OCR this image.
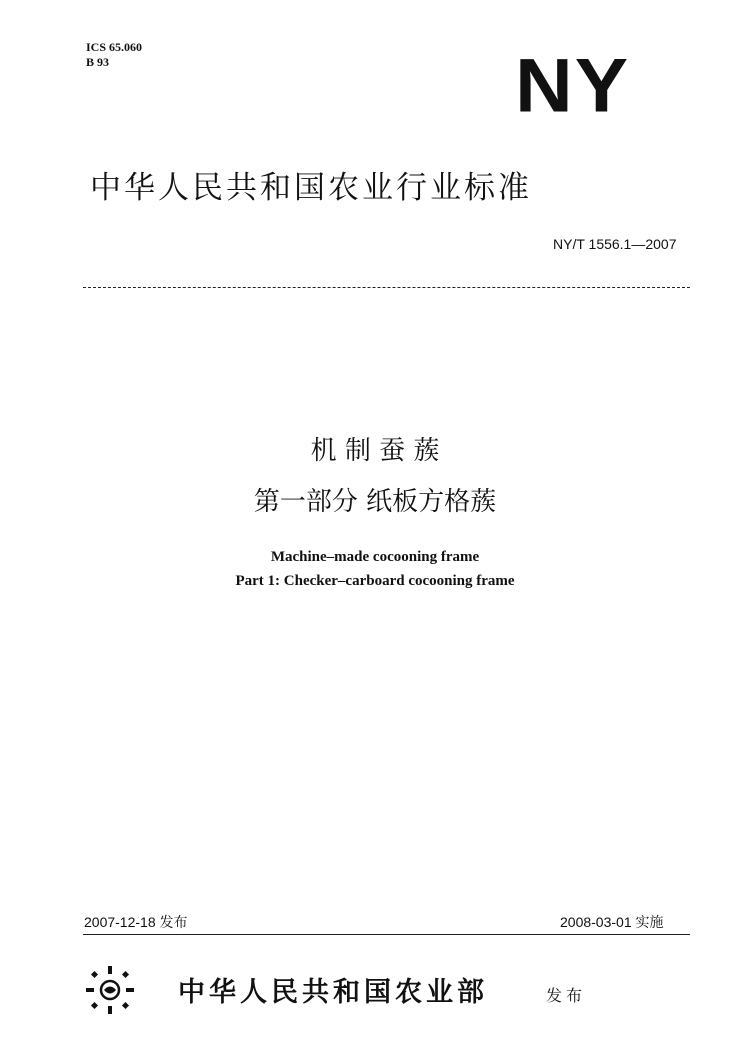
ICS 65.060
B 93	NY
中华人民共和国农业行业标准
NY/T 1556.1—2007
机 制 蚕 蔟
第一部分 纸板方格蔟
Machine–made cocooning frame
Part 1: Checker–carboard cocooning frame
2007-12-18 发布	2008-03-01 实施
中华人民共和国农业部	发布
